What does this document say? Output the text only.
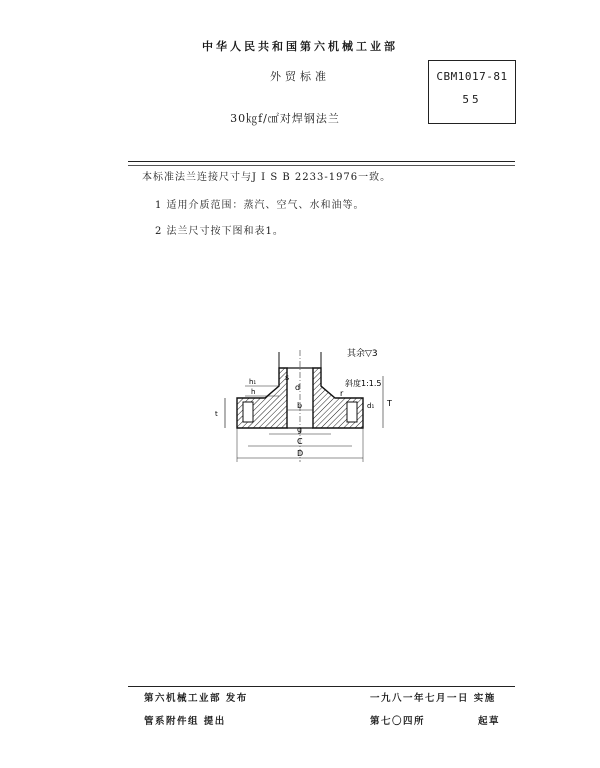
中华人民共和国第六机械工业部
外贸标准
30㎏f/㎠对焊钢法兰
CBM1017-81
55
本标准法兰连接尺寸与J I S B 2233-1976一致。
1 适用介质范围：蒸汽、空气、水和油等。
2 法兰尺寸按下图和表1。
其余▽3
斜度1:1.5
t
h₁
h
s
d
r
b
g
C
D
T
d₁
第六机械工业部 发布
管系附件组 提出
一九八一年七月一日 实施
第七〇四所	起草
